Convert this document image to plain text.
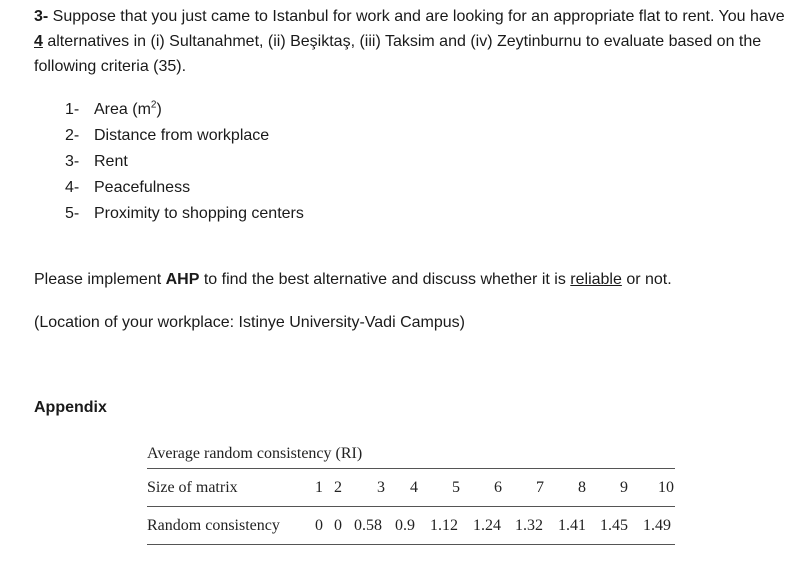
3- Suppose that you just came to Istanbul for work and are looking for an appropriate flat to rent. You have 4 alternatives in (i) Sultanahmet, (ii) Beşiktaş, (iii) Taksim and (iv) Zeytinburnu to evaluate based on the following criteria (35).
1- Area $(m^2)$
2- Distance from workplace
3- Rent
4- Peacefulness
5- Proximity to shopping centers
Please implement AHP to find the best alternative and discuss whether it is reliable or not.
(Location of your workplace: Istinye University-Vadi Campus)
Appendix
Average random consistency (RI)
Size of matrix	1 2 3 4 5 6 7 8 9 10
Random consistency 0 0 0.58 0.9 1.12 1.24 1.32 1.41 1.45 1.49
